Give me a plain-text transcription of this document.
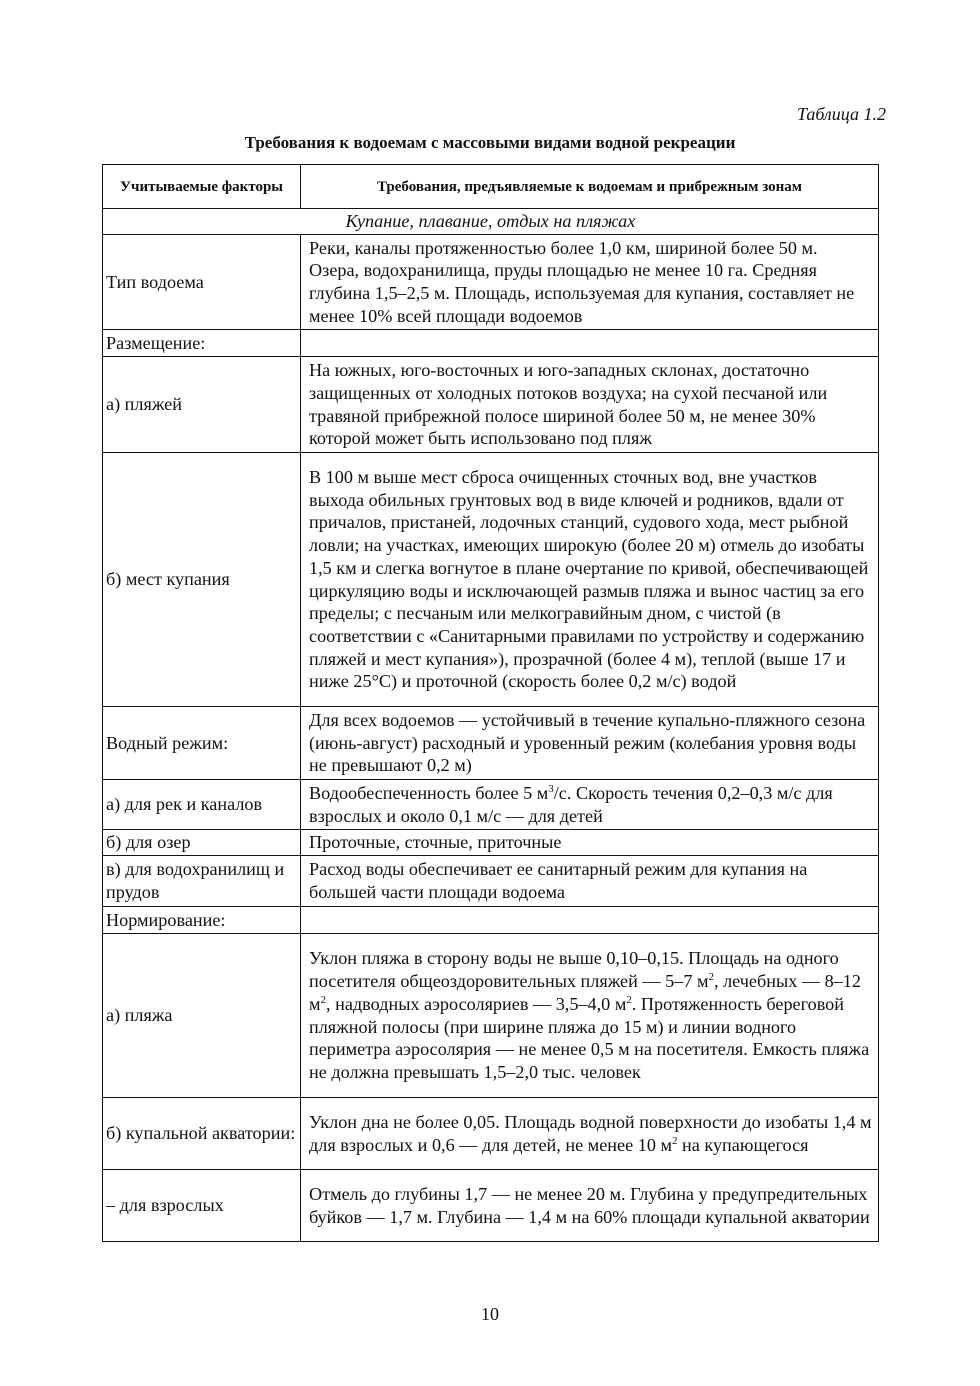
Таблица 1.2
Требования к водоемам с массовыми видами водной рекреации
Учитываемые факторы	Требования, предъявляемые к водоемам и прибрежным зонам
Купание, плавание, отдых на пляжах	
Тип водоема	Реки, каналы протяженностью более 1,0 км, шириной более 50 м. Озера, водохранилища, пруды площадью не менее 10 га. Средняя глубина 1,5–2,5 м. Площадь, используемая для купания, составляет не менее 10% всей площади водоемов
Размещение:	
а) пляжей	На южных, юго-восточных и юго-западных склонах, достаточно защищенных от холодных потоков воздуха; на сухой песчаной или травяной прибрежной полосе шириной более 50 м, не менее 30% которой может быть использовано под пляж
б) мест купания	В 100 м выше мест сброса очищенных сточных вод, вне участков выхода обильных грунтовых вод в виде ключей и родников, вдали от причалов, пристаней, лодочных станций, судового хода, мест рыбной ловли; на участках, имеющих широкую (более 20 м) отмель до изобаты 1,5 км и слегка вогнутое в плане очертание по кривой, обеспечивающей циркуляцию воды и исключающей размыв пляжа и вынос частиц за его пределы; с песчаным или мелкогравийным дном, с чистой (в соответствии с «Санитарными правилами по устройству и содержанию пляжей и мест купания»), прозрачной (более 4 м), теплой (выше 17 и ниже 25°С) и проточной (скорость более 0,2 м/с) водой
Водный режим:	Для всех водоемов — устойчивый в течение купально-пляжного сезона (июнь-август) расходный и уровенный режим (колебания уровня воды не превышают 0,2 м)
а) для рек и каналов	Водообеспеченность более 5 $м^3/с$. Скорость течения 0,2–0,3 м/с для взрослых и около 0,1 м/с — для детей
б) для озер	Проточные, сточные, приточные
в) для водохранилищ и прудов	Расход воды обеспечивает ее санитарный режим для купания на большей части площади водоема
Нормирование:	
а) пляжа	Уклон пляжа в сторону воды не выше 0,10–0,15. Площадь на одного посетителя общеоздоровительных пляжей — 5–7 $м^2$, лечебных — 8–12 $м^2$, надводных аэросоляриев — 3,5–4,0 $м^2$. Протяженность береговой пляжной полосы (при ширине пляжа до 15 м) и линии водного периметра аэросолярия — не менее 0,5 м на посетителя. Емкость пляжа не должна превышать 1,5–2,0 тыс. человек
б) купальной акватории:	Уклон дна не более 0,05. Площадь водной поверхности до изобаты 1,4 м для взрослых и 0,6 — для детей, не менее 10 $м^2$ на купающегося
– для взрослых	Отмель до глубины 1,7 — не менее 20 м. Глубина у предупредительных буйков — 1,7 м. Глубина — 1,4 м на 60% площади купальной акватории
10
